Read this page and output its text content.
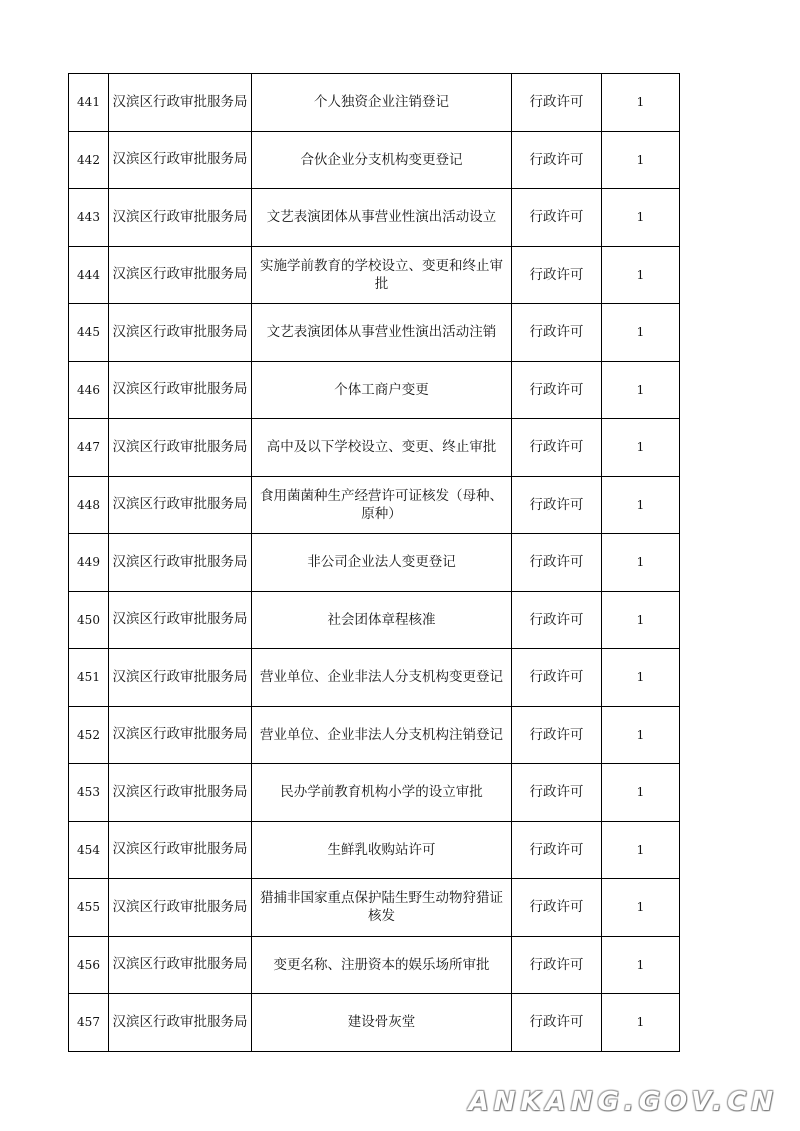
441	汉滨区行政审批服务局	个人独资企业注销登记	行政许可	1
442	汉滨区行政审批服务局	合伙企业分支机构变更登记	行政许可	1
443	汉滨区行政审批服务局	文艺表演团体从事营业性演出活动设立	行政许可	1
444	汉滨区行政审批服务局	实施学前教育的学校设立、变更和终止审批	行政许可	1
445	汉滨区行政审批服务局	文艺表演团体从事营业性演出活动注销	行政许可	1
446	汉滨区行政审批服务局	个体工商户变更	行政许可	1
447	汉滨区行政审批服务局	高中及以下学校设立、变更、终止审批	行政许可	1
448	汉滨区行政审批服务局	食用菌菌种生产经营许可证核发（母种、原种）	行政许可	1
449	汉滨区行政审批服务局	非公司企业法人变更登记	行政许可	1
450	汉滨区行政审批服务局	社会团体章程核准	行政许可	1
451	汉滨区行政审批服务局	营业单位、企业非法人分支机构变更登记	行政许可	1
452	汉滨区行政审批服务局	营业单位、企业非法人分支机构注销登记	行政许可	1
453	汉滨区行政审批服务局	民办学前教育机构小学的设立审批	行政许可	1
454	汉滨区行政审批服务局	生鲜乳收购站许可	行政许可	1
455	汉滨区行政审批服务局	猎捕非国家重点保护陆生野生动物狩猎证核发	行政许可	1
456	汉滨区行政审批服务局	变更名称、注册资本的娱乐场所审批	行政许可	1
457	汉滨区行政审批服务局	建设骨灰堂	行政许可	1
ANKANG.GOV.CN
